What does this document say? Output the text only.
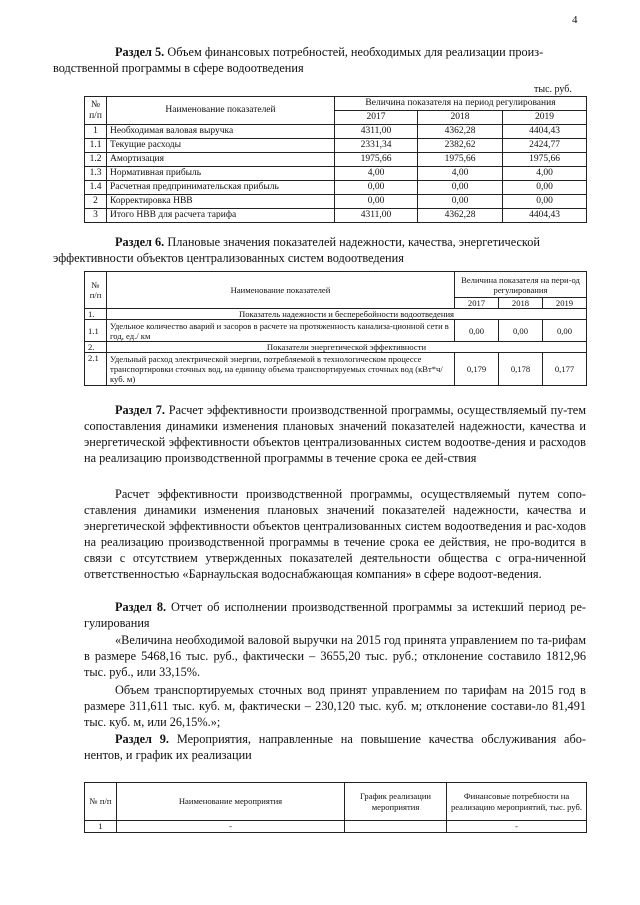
4
Раздел 5. Объем финансовых потребностей, необходимых для реализации произ-
водственной программы в сфере водоотведения
тыс. руб.
№ п/п	Наименование показателей	Величина показателя на период регулирования		
		2017	2018	2019
1	Необходимая валовая выручка	4311,00	4362,28	4404,43
1.1	Текущие расходы	2331,34	2382,62	2424,77
1.2	Амортизация	1975,66	1975,66	1975,66
1.3	Нормативная прибыль	4,00	4,00	4,00
1.4	Расчетная предпринимательская прибыль	0,00	0,00	0,00
2	Корректировка НВВ	0,00	0,00	0,00
3	Итого НВВ для расчета тарифа	4311,00	4362,28	4404,43
Раздел 6. Плановые значения показателей надежности, качества, энергетической
эффективности объектов централизованных систем водоотведения
№ п/п	Наименование показателей	Величина показателя на пери-од регулирования		
		2017	2018	2019
1.	Показатель надежности и бесперебойности водоотведения			
1.1	Удельное количество аварий и засоров в расчете на протяженность канализа-ционной сети в год, ед./ км	0,00	0,00	0,00
2.	Показатели энергетической эффективности			
2.1	Удельный расход электрической энергии, потребляемой в технологическом процессе транспортировки сточных вод, на единицу объема транспортируемых сточных вод (кВт*ч/ куб. м)	0,179	0,178	0,177
Раздел 7. Расчет эффективности производственной программы, осуществляемый пу-тем сопоставления динамики изменения плановых значений показателей надежности, качества и энергетической эффективности объектов централизованных систем водоотве-дения и расходов на реализацию производственной программы в течение срока ее дей-ствия
Расчет эффективности производственной программы, осуществляемый путем сопо-ставления динамики изменения плановых значений показателей надежности, качества и энергетической эффективности объектов централизованных систем водоотведения и рас-ходов на реализацию производственной программы в течение срока ее действия, не про-водится в связи с отсутствием утвержденных показателей деятельности общества с огра-ниченной ответственностью «Барнаульская водоснабжающая компания» в сфере водоот-ведения.
Раздел 8. Отчет об исполнении производственной программы за истекший период ре-гулирования
«Величина необходимой валовой выручки на 2015 год принята управлением по та-рифам в размере 5468,16 тыс. руб., фактически – 3655,20 тыс. руб.; отклонение составило 1812,96 тыс. руб., или 33,15%.
Объем транспортируемых сточных вод принят управлением по тарифам на 2015 год в размере 311,611 тыс. куб. м, фактически – 230,120 тыс. куб. м; отклонение состави-ло 81,491 тыс. куб. м, или 26,15%.»;
Раздел 9. Мероприятия, направленные на повышение качества обслуживания або-нентов, и график их реализации
№ п/п	Наименование мероприятия	График реализации мероприятия	Финансовые потребности на реализацию мероприятий, тыс. руб.
1	-		-
